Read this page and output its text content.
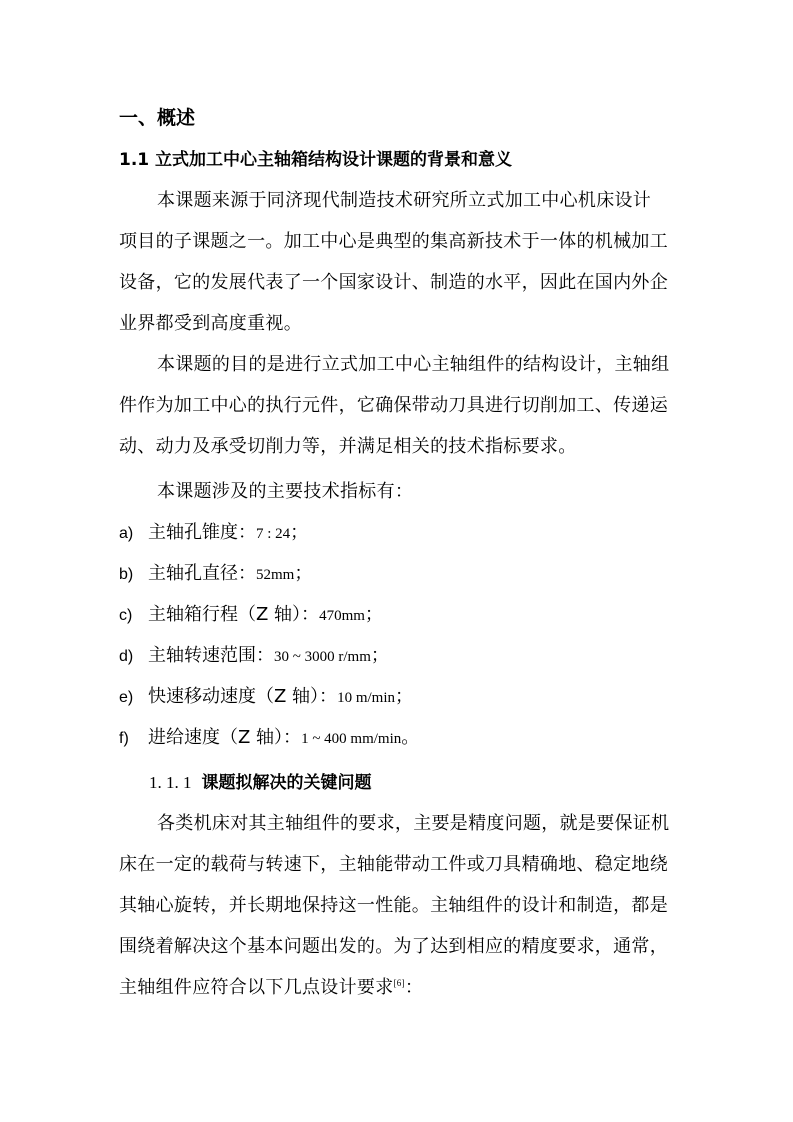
一、概述
1.1 立式加工中心主轴箱结构设计课题的背景和意义
本课题来源于同济现代制造技术研究所立式加工中心机床设计
项目的子课题之一。加工中心是典型的集高新技术于一体的机械加工
设备，它的发展代表了一个国家设计、制造的水平，因此在国内外企
业界都受到高度重视。
本课题的目的是进行立式加工中心主轴组件的结构设计，主轴组
件作为加工中心的执行元件，它确保带动刀具进行切削加工、传递运
动、动力及承受切削力等，并满足相关的技术指标要求。
本课题涉及的主要技术指标有：
a) 主轴孔锥度：7 : 24；
b) 主轴孔直径：52mm；
c) 主轴箱行程（Z 轴）：470mm；
d) 主轴转速范围：30 ~ 3000 r/mm；
e) 快速移动速度（Z 轴）：10 m/min；
f) 进给速度（Z 轴）：1 ~ 400 mm/min。
1. 1. 1 课题拟解决的关键问题
各类机床对其主轴组件的要求，主要是精度问题，就是要保证机
床在一定的载荷与转速下，主轴能带动工件或刀具精确地、稳定地绕
其轴心旋转，并长期地保持这一性能。主轴组件的设计和制造，都是
围绕着解决这个基本问题出发的。为了达到相应的精度要求，通常，
主轴组件应符合以下几点设计要求[6]：
